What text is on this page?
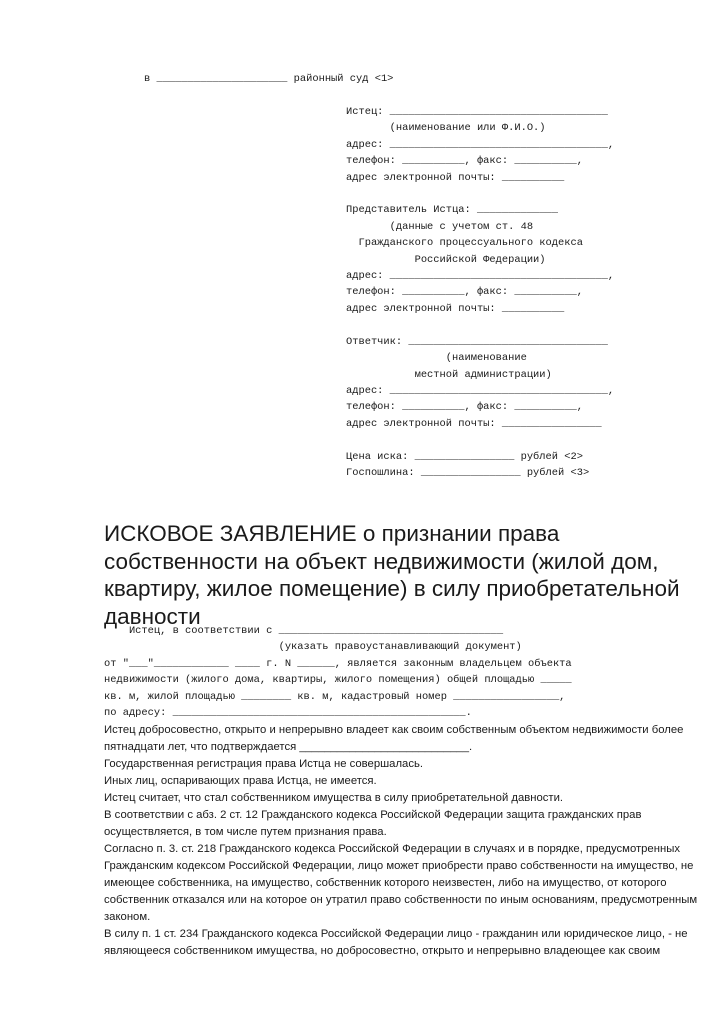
в _____________________ районный суд <1>
Истец: ___________________________________
(наименование или Ф.И.О.)
адрес: ___________________________________,
телефон: __________, факс: __________,
адрес электронной почты: __________

Представитель Истца: _____________
(данные с учетом ст. 48
Гражданского процессуального кодекса
Российской Федерации)
адрес: ___________________________________,
телефон: __________, факс: __________,
адрес электронной почты: __________

Ответчик: ________________________________
(наименование
местной администрации)
адрес: ___________________________________,
телефон: __________, факс: __________,
адрес электронной почты: ________________

Цена иска: ________________ рублей <2>
Госпошлина: ________________ рублей <3>
ИСКОВОЕ ЗАЯВЛЕНИЕ о признании права собственности на объект недвижимости (жилой дом, квартиру, жилое помещение) в силу приобретательной давности
Истец, в соответствии с ____________________________________
(указать правоустанавливающий документ)
от "___"____________ ____ г. N ______, является законным владельцем объекта
недвижимости (жилого дома, квартиры, жилого помещения) общей площадью _____
кв. м, жилой площадью ________ кв. м, кадастровый номер _________________,
по адресу: _______________________________________________.

Истец добросовестно, открыто и непрерывно владеет как своим собственным объектом недвижимости более пятнадцати лет, что подтверждается ___________________________.

Государственная регистрация права Истца не совершалась.

Иных лиц, оспаривающих права Истца, не имеется.

Истец считает, что стал собственником имущества в силу приобретательной давности.

В соответствии с абз. 2 ст. 12 Гражданского кодекса Российской Федерации защита гражданских прав осуществляется, в том числе путем признания права.

Согласно п. 3. ст. 218 Гражданского кодекса Российской Федерации в случаях и в порядке, предусмотренных Гражданским кодексом Российской Федерации, лицо может приобрести право собственности на имущество, не имеющее собственника, на имущество, собственник которого неизвестен, либо на имущество, от которого собственник отказался или на которое он утратил право собственности по иным основаниям, предусмотренным законом.

В силу п. 1 ст. 234 Гражданского кодекса Российской Федерации лицо - гражданин или юридическое лицо, - не являющееся собственником имущества, но добросовестно, открыто и непрерывно владеющее как своим
